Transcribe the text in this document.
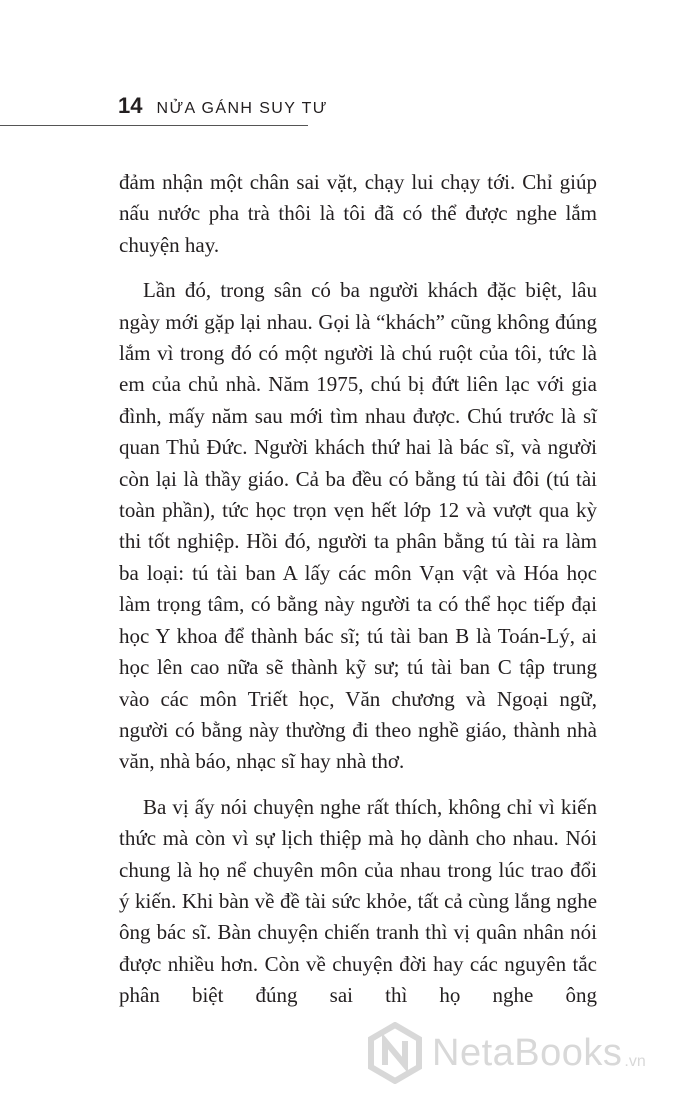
14 NỬA GÁNH SUY TƯ

đảm nhận một chân sai vặt, chạy lui chạy tới. Chỉ giúp nấu nước pha trà thôi là tôi đã có thể được nghe lắm chuyện hay.

Lần đó, trong sân có ba người khách đặc biệt, lâu ngày mới gặp lại nhau. Gọi là “khách” cũng không đúng lắm vì trong đó có một người là chú ruột của tôi, tức là em của chủ nhà. Năm 1975, chú bị đứt liên lạc với gia đình, mấy năm sau mới tìm nhau được. Chú trước là sĩ quan Thủ Đức. Người khách thứ hai là bác sĩ, và người còn lại là thầy giáo. Cả ba đều có bằng tú tài đôi (tú tài toàn phần), tức học trọn vẹn hết lớp 12 và vượt qua kỳ thi tốt nghiệp. Hồi đó, người ta phân bằng tú tài ra làm ba loại: tú tài ban A lấy các môn Vạn vật và Hóa học làm trọng tâm, có bằng này người ta có thể học tiếp đại học Y khoa để thành bác sĩ; tú tài ban B là Toán-Lý, ai học lên cao nữa sẽ thành kỹ sư; tú tài ban C tập trung vào các môn Triết học, Văn chương và Ngoại ngữ, người có bằng này thường đi theo nghề giáo, thành nhà văn, nhà báo, nhạc sĩ hay nhà thơ.

Ba vị ấy nói chuyện nghe rất thích, không chỉ vì kiến thức mà còn vì sự lịch thiệp mà họ dành cho nhau. Nói chung là họ nể chuyên môn của nhau trong lúc trao đổi ý kiến. Khi bàn về đề tài sức khỏe, tất cả cùng lắng nghe ông bác sĩ. Bàn chuyện chiến tranh thì vị quân nhân nói được nhiều hơn. Còn về chuyện đời hay các nguyên tắc phân biệt đúng sai thì họ nghe ông

NetaBooks .vn
